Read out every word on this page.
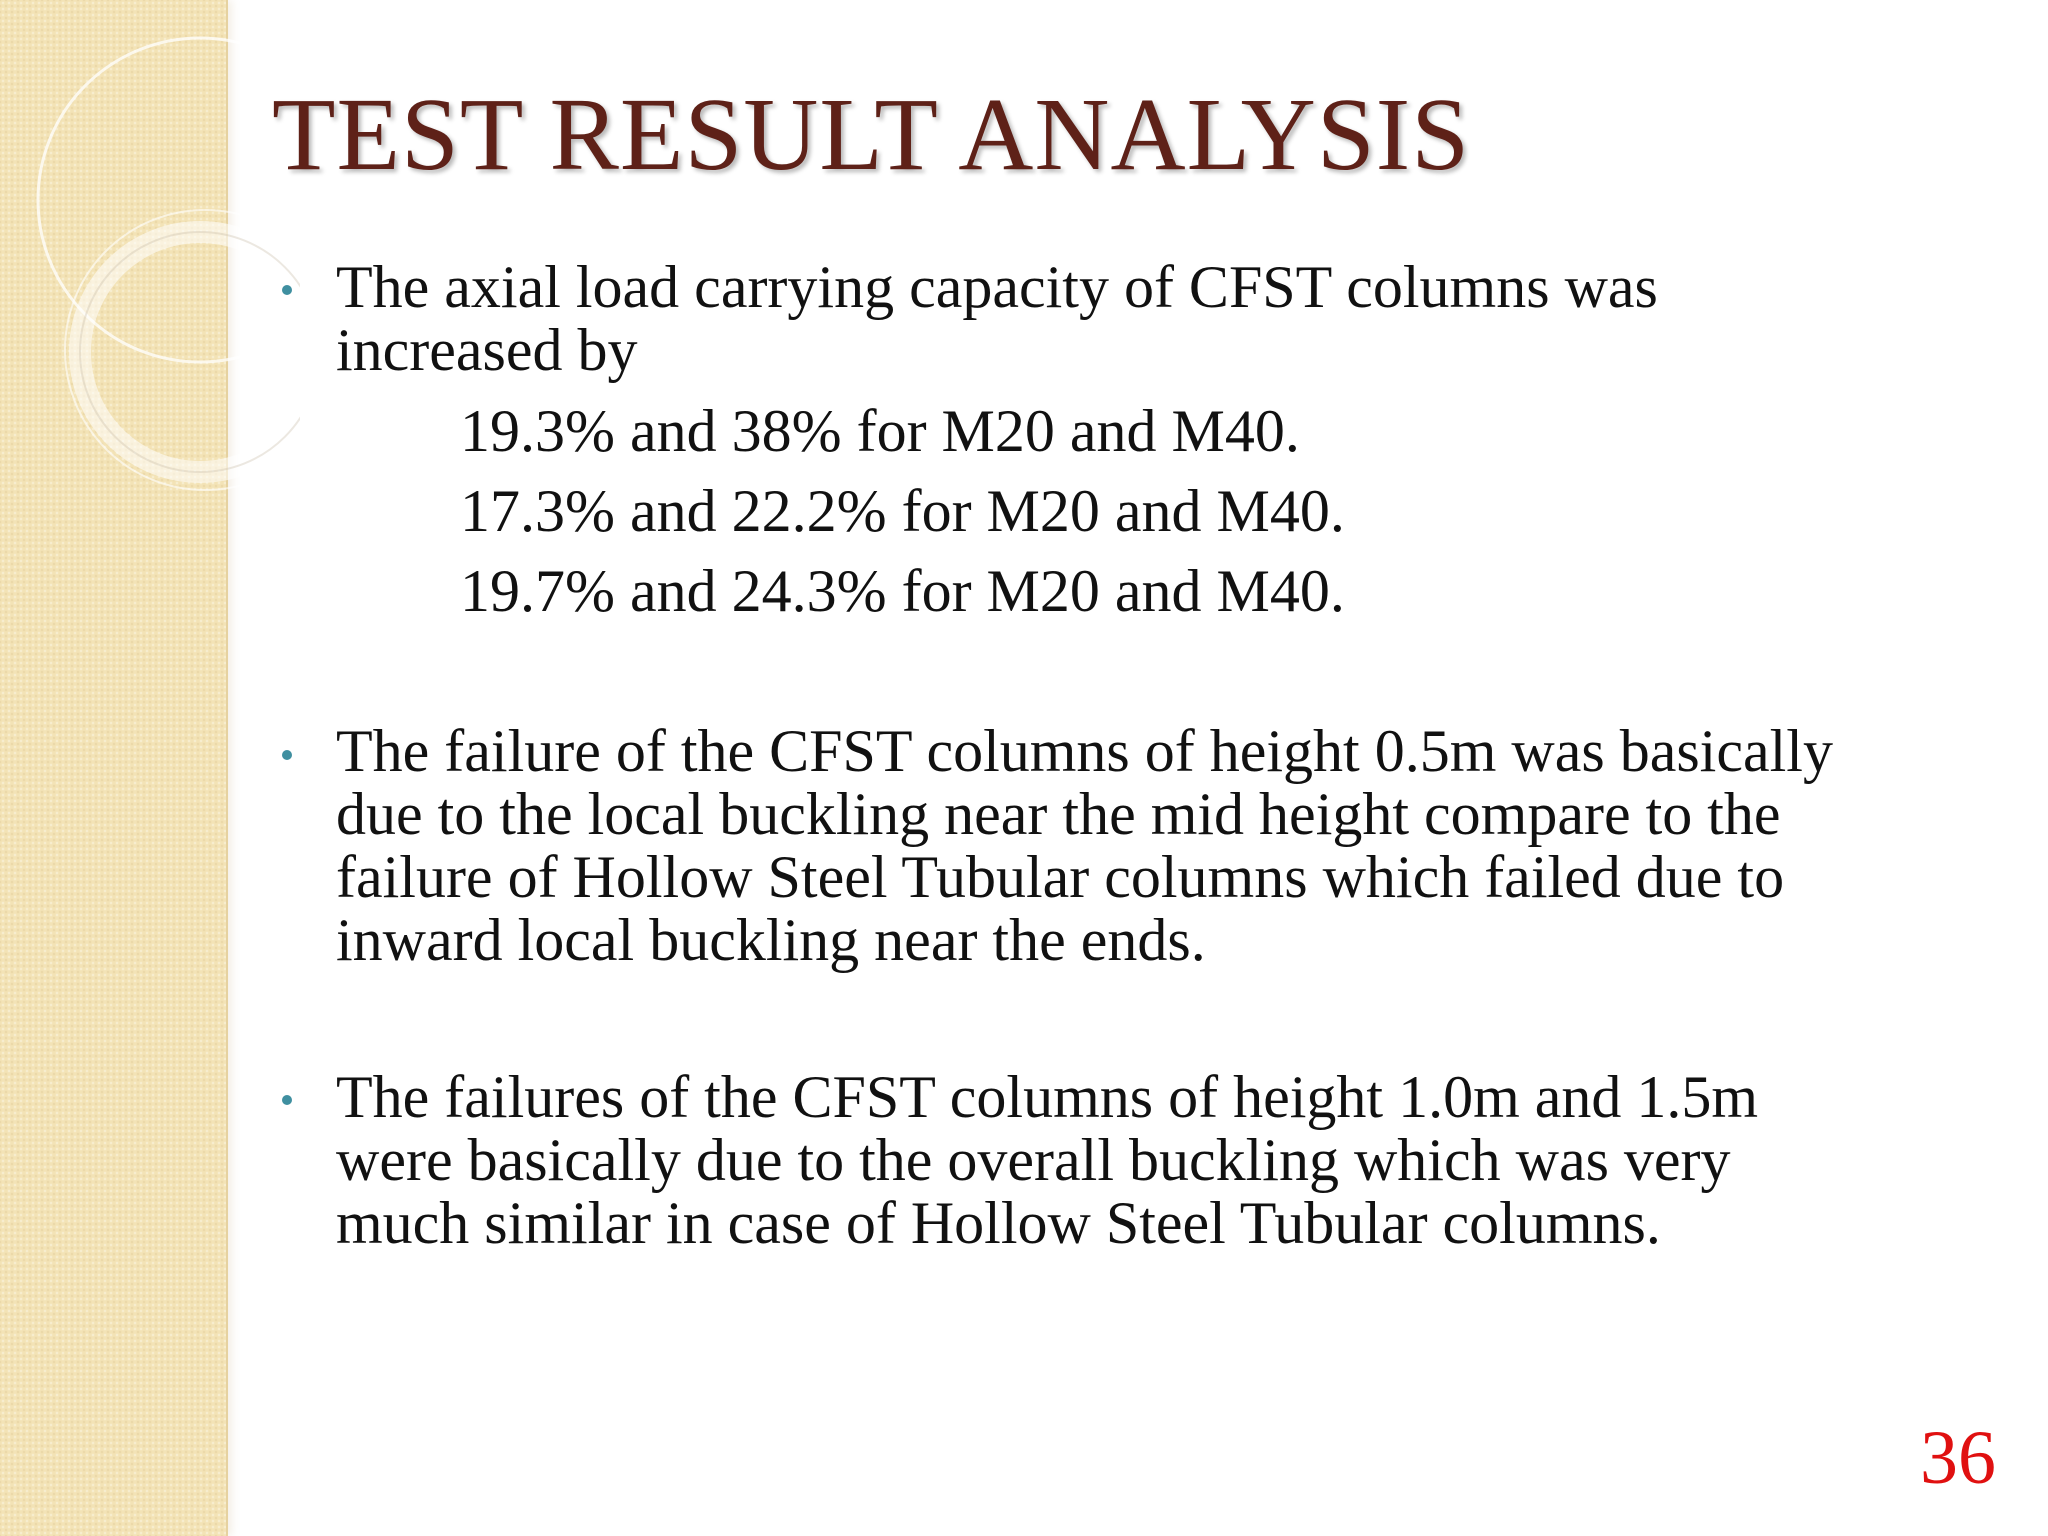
TEST RESULT ANALYSIS
The axial load carrying capacity of CFST columns was
increased by
19.3% and 38% for M20 and M40.
17.3% and 22.2% for M20 and M40.
19.7% and 24.3% for M20 and M40.
The failure of the CFST columns of height 0.5m was basically
due to the local buckling near the mid height compare to the
failure of Hollow Steel Tubular columns which failed due to
inward local buckling near the ends.
The failures of the CFST columns of height 1.0m and 1.5m
were basically due to the overall buckling which was very
much similar in case of Hollow Steel Tubular columns.
36
